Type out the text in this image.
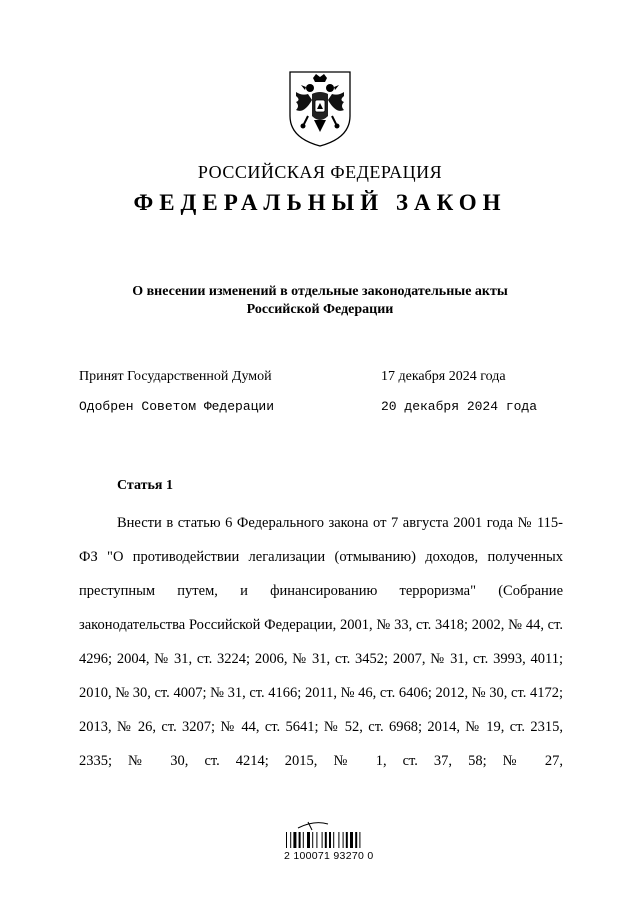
РОССИЙСКАЯ ФЕДЕРАЦИЯ
ФЕДЕРАЛЬНЫЙ ЗАКОН
О внесении изменений в отдельные законодательные акты
Российской Федерации
Принят Государственной Думой	17 декабря 2024 года
Одобрен Советом Федерации	20 декабря 2024 года
Статья 1

Внести в статью 6 Федерального закона от 7 августа 2001 года № 115-ФЗ "О противодействии легализации (отмыванию) доходов, полученных преступным путем, и финансированию терроризма" (Собрание законодательства Российской Федерации, 2001, № 33, ст. 3418; 2002, № 44, ст. 4296; 2004, № 31, ст. 3224; 2006, № 31, ст. 3452; 2007, № 31, ст. 3993, 4011; 2010, № 30, ст. 4007; № 31, ст. 4166; 2011, № 46, ст. 6406; 2012, № 30, ст. 4172; 2013, № 26, ст. 3207; № 44, ст. 5641; № 52, ст. 6968; 2014, № 19, ст. 2315, 2335; № 30, ст. 4214; 2015, № 1, ст. 37, 58; № 27,

2 100071 93270 0
